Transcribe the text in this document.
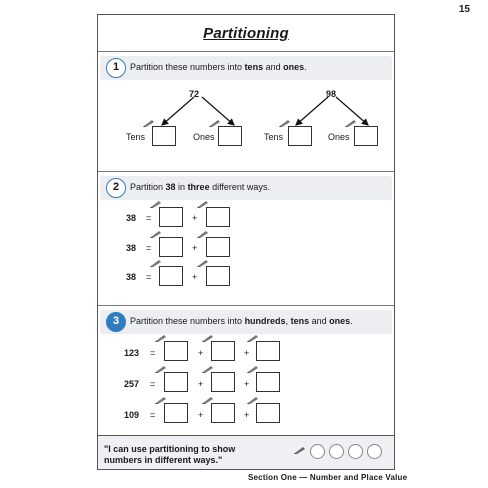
15
Partitioning
1	Partition these numbers into tens and ones.
72
Tens	Ones
98
Tens	Ones
2	Partition 38 in three different ways.
38 =	+
38 =	+
38 =	+
3	Partition these numbers into hundreds, tens and ones.
123 =	+	+
257 =	+	+
109 =	+	+
"I can use partitioning to show
numbers in different ways."
Section One — Number and Place Value
